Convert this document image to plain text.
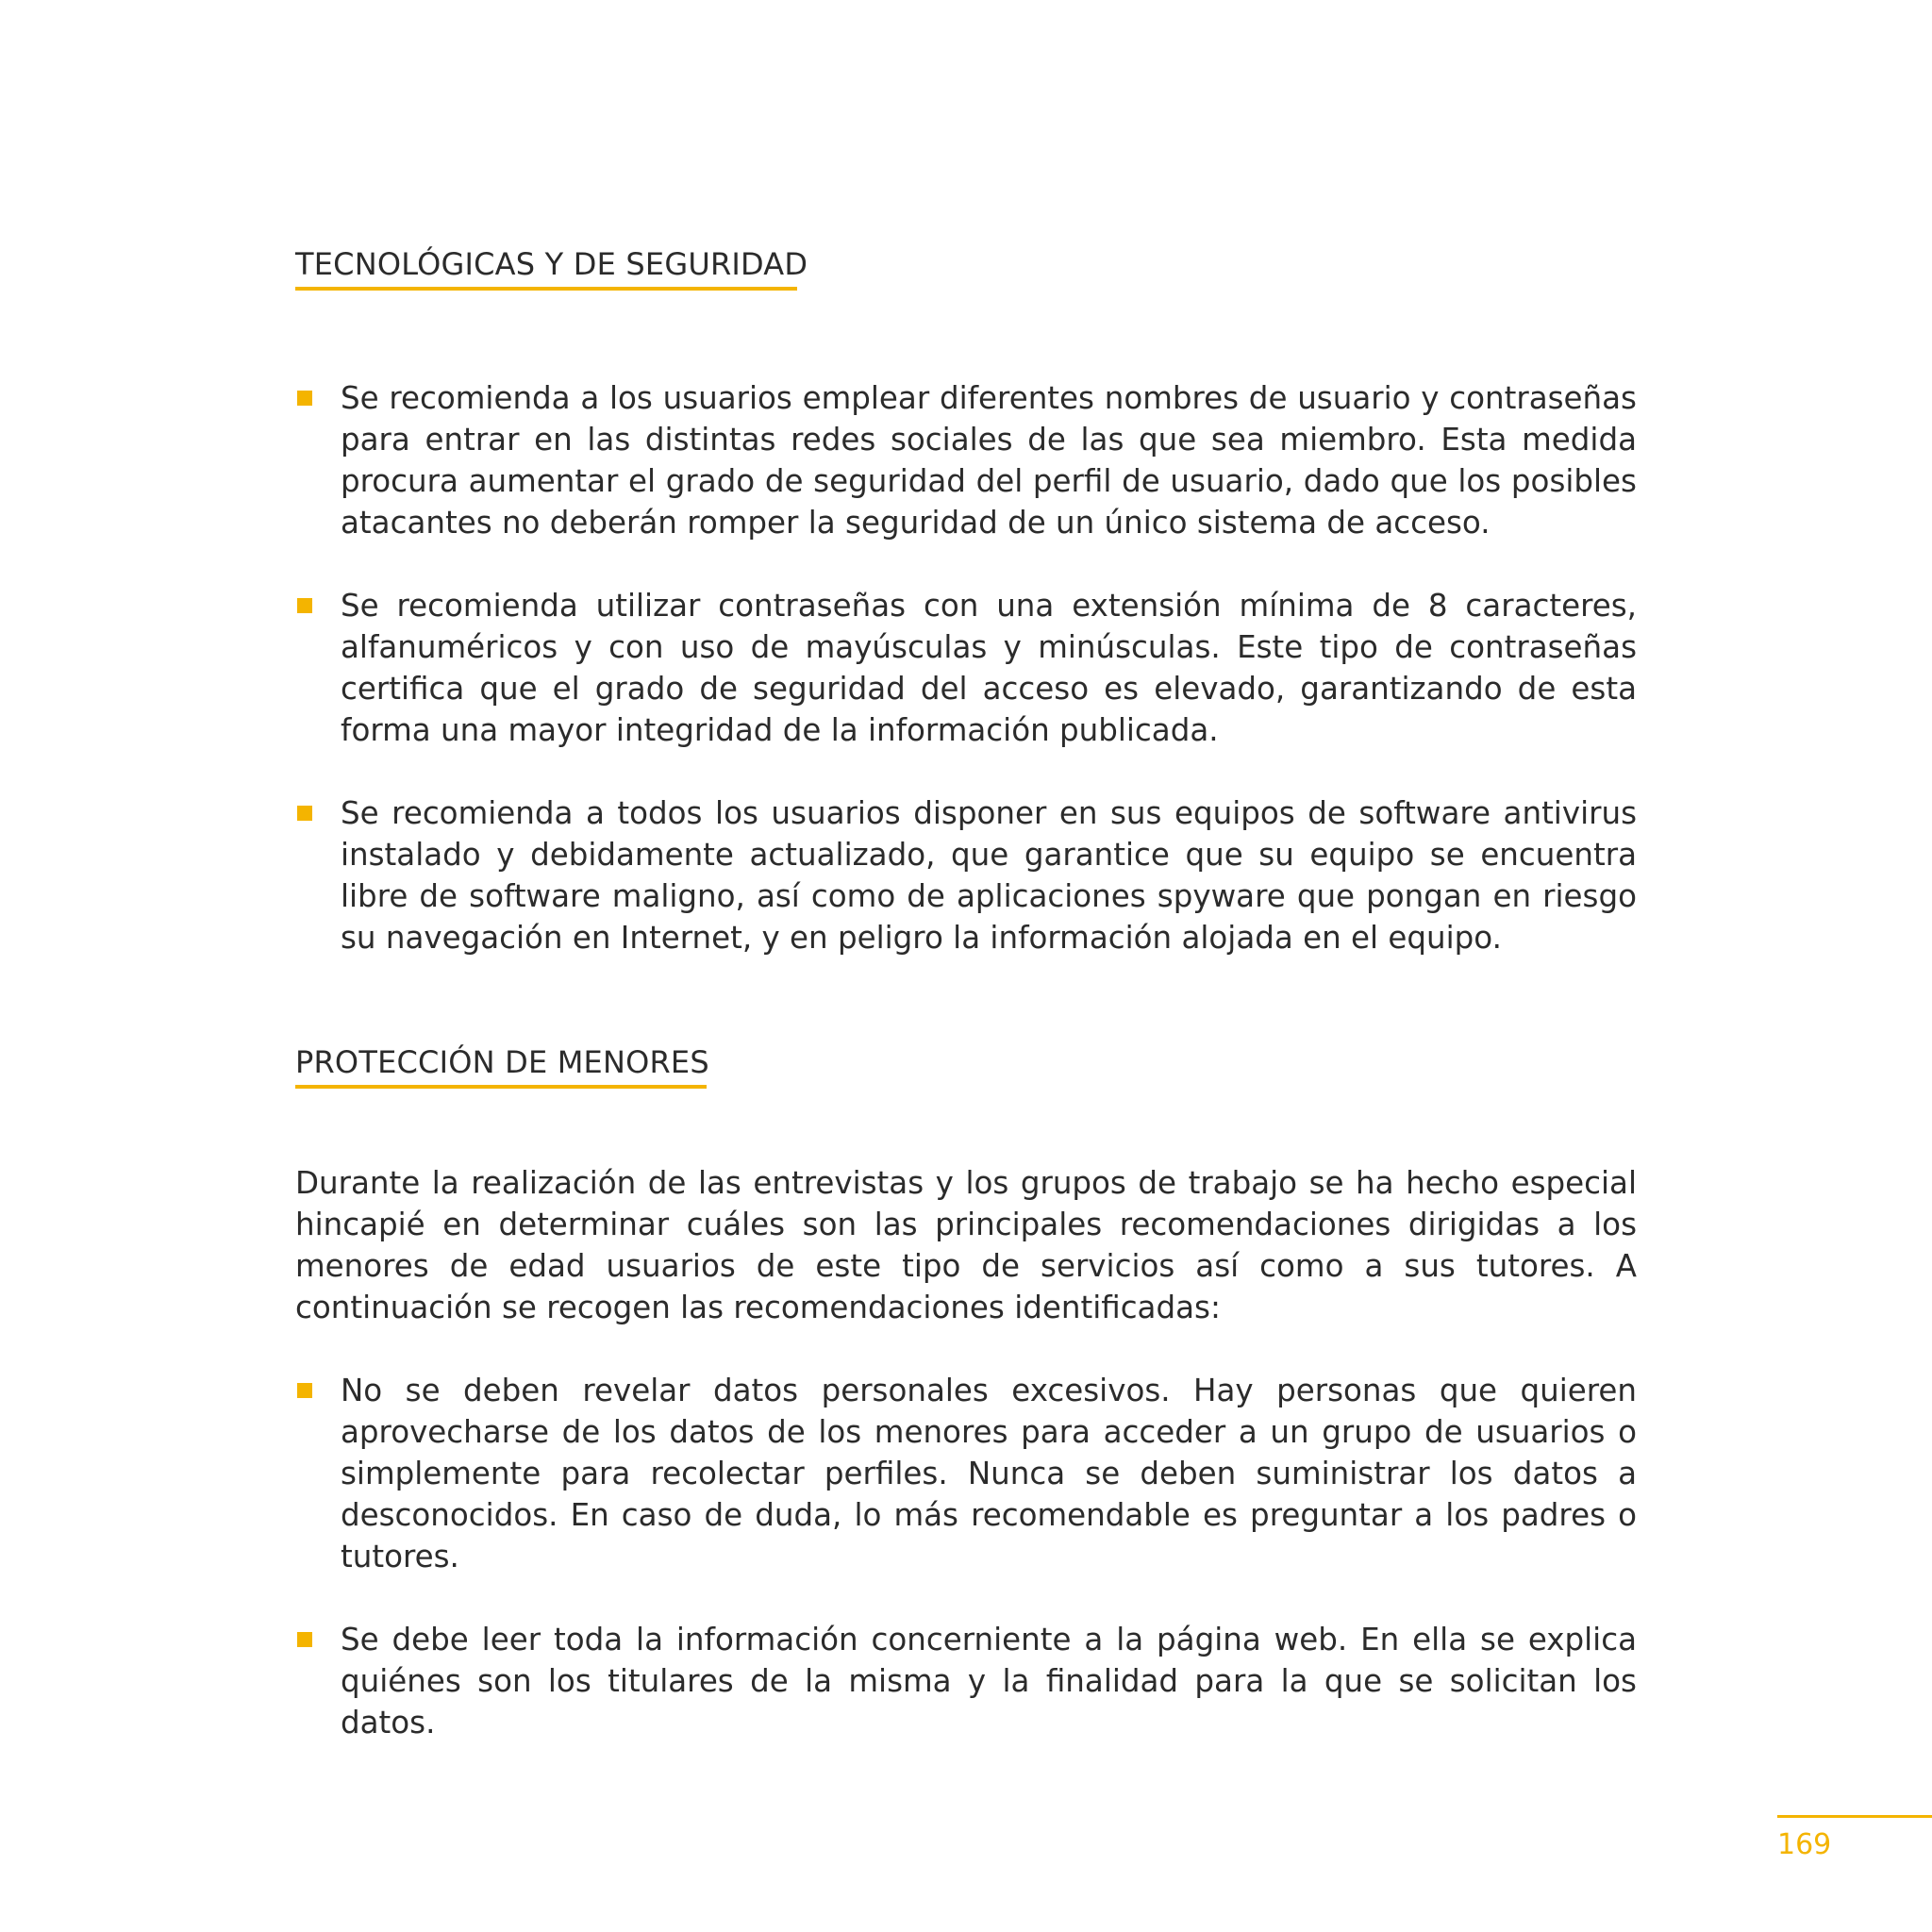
TECNOLÓGICAS Y DE SEGURIDAD
Se recomienda a los usuarios emplear diferentes nombres de usuario y contraseñas para entrar en las distintas redes sociales de las que sea miembro. Esta medida procura aumentar el grado de seguridad del perfil de usuario, dado que los posibles atacantes no deberán romper la seguridad de un único sistema de acceso.
Se recomienda utilizar contraseñas con una extensión mínima de 8 caracteres, alfanuméricos y con uso de mayúsculas y minúsculas. Este tipo de contraseñas certifica que el grado de seguridad del acceso es elevado, garantizando de esta forma una mayor integridad de la información publicada.
Se recomienda a todos los usuarios disponer en sus equipos de software antivirus instalado y debidamente actualizado, que garantice que su equipo se encuentra libre de software maligno, así como de aplicaciones spyware que pongan en riesgo su navegación en Internet, y en peligro la información alojada en el equipo.
PROTECCIÓN DE MENORES

Durante la realización de las entrevistas y los grupos de trabajo se ha hecho especial hincapié en determinar cuáles son las principales recomendaciones dirigidas a los menores de edad usuarios de este tipo de servicios así como a sus tutores. A continuación se recogen las recomendaciones identificadas:

No se deben revelar datos personales excesivos. Hay personas que quieren aprovecharse de los datos de los menores para acceder a un grupo de usuarios o simplemente para recolectar perfiles. Nunca se deben suministrar los datos a desconocidos. En caso de duda, lo más recomendable es preguntar a los padres o tutores.
Se debe leer toda la información concerniente a la página web. En ella se explica quiénes son los titulares de la misma y la finalidad para la que se solicitan los datos.
169
